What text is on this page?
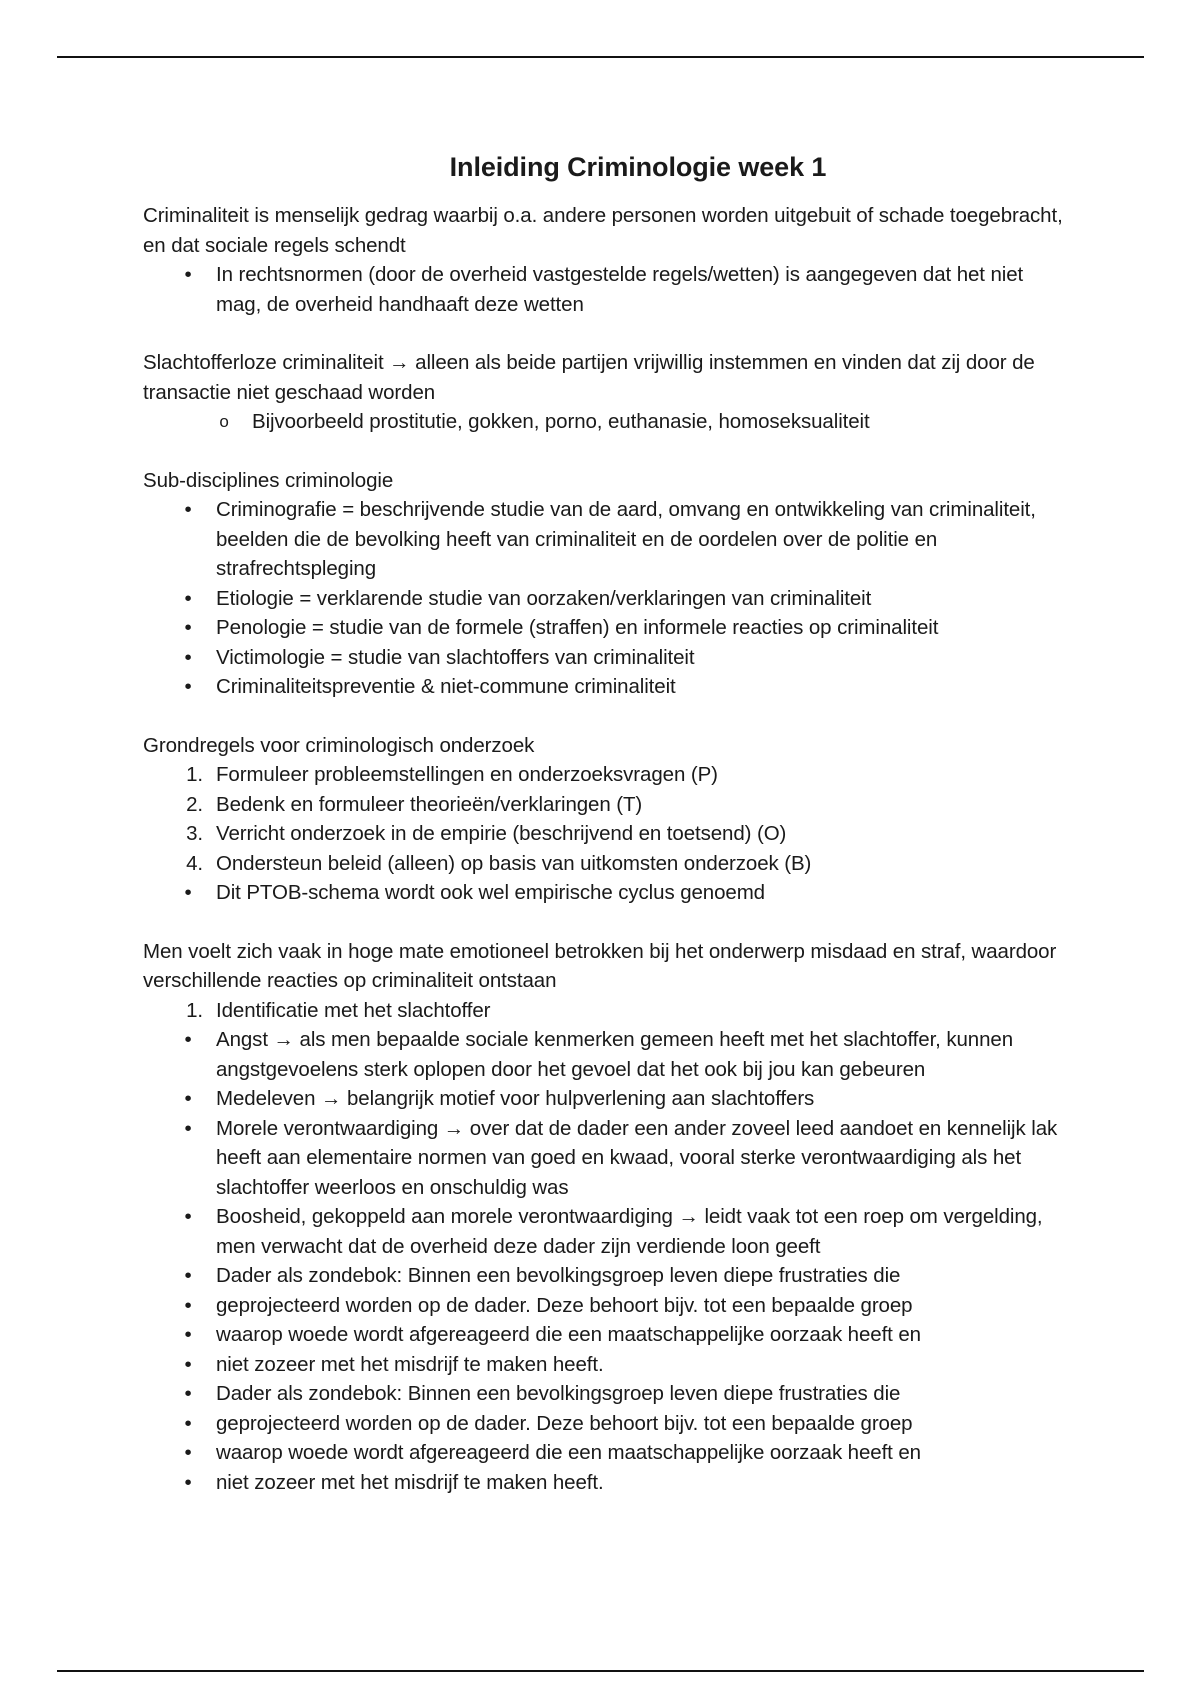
Inleiding Criminologie week 1

Criminaliteit is menselijk gedrag waarbij o.a. andere personen worden uitgebuit of schade toegebracht, en dat sociale regels schendt

•	In rechtsnormen (door de overheid vastgestelde regels/wetten) is aangegeven dat het niet mag, de overheid handhaaft deze wetten

Slachtofferloze criminaliteit → alleen als beide partijen vrijwillig instemmen en vinden dat zij door de transactie niet geschaad worden

o	Bijvoorbeeld prostitutie, gokken, porno, euthanasie, homoseksualiteit

Sub-disciplines criminologie

•	Criminografie = beschrijvende studie van de aard, omvang en ontwikkeling van criminaliteit, beelden die de bevolking heeft van criminaliteit en de oordelen over de politie en strafrechtspleging
•	Etiologie = verklarende studie van oorzaken/verklaringen van criminaliteit
•	Penologie = studie van de formele (straffen) en informele reacties op criminaliteit
•	Victimologie = studie van slachtoffers van criminaliteit
•	Criminaliteitspreventie & niet-commune criminaliteit

Grondregels voor criminologisch onderzoek

1. Formuleer probleemstellingen en onderzoeksvragen (P)
2. Bedenk en formuleer theorieën/verklaringen (T)
3. Verricht onderzoek in de empirie (beschrijvend en toetsend) (O)
4. Ondersteun beleid (alleen) op basis van uitkomsten onderzoek (B)
•	Dit PTOB-schema wordt ook wel empirische cyclus genoemd

Men voelt zich vaak in hoge mate emotioneel betrokken bij het onderwerp misdaad en straf, waardoor verschillende reacties op criminaliteit ontstaan

1. Identificatie met het slachtoffer
•	Angst → als men bepaalde sociale kenmerken gemeen heeft met het slachtoffer, kunnen angstgevoelens sterk oplopen door het gevoel dat het ook bij jou kan gebeuren
•	Medeleven → belangrijk motief voor hulpverlening aan slachtoffers
•	Morele verontwaardiging → over dat de dader een ander zoveel leed aandoet en kennelijk lak heeft aan elementaire normen van goed en kwaad, vooral sterke verontwaardiging als het slachtoffer weerloos en onschuldig was
•	Boosheid, gekoppeld aan morele verontwaardiging → leidt vaak tot een roep om vergelding, men verwacht dat de overheid deze dader zijn verdiende loon geeft
•	Dader als zondebok: Binnen een bevolkingsgroep leven diepe frustraties die
•	geprojecteerd worden op de dader. Deze behoort bijv. tot een bepaalde groep
•	waarop woede wordt afgereageerd die een maatschappelijke oorzaak heeft en
•	niet zozeer met het misdrijf te maken heeft.
•	Dader als zondebok: Binnen een bevolkingsgroep leven diepe frustraties die
•	geprojecteerd worden op de dader. Deze behoort bijv. tot een bepaalde groep
•	waarop woede wordt afgereageerd die een maatschappelijke oorzaak heeft en
•	niet zozeer met het misdrijf te maken heeft.
